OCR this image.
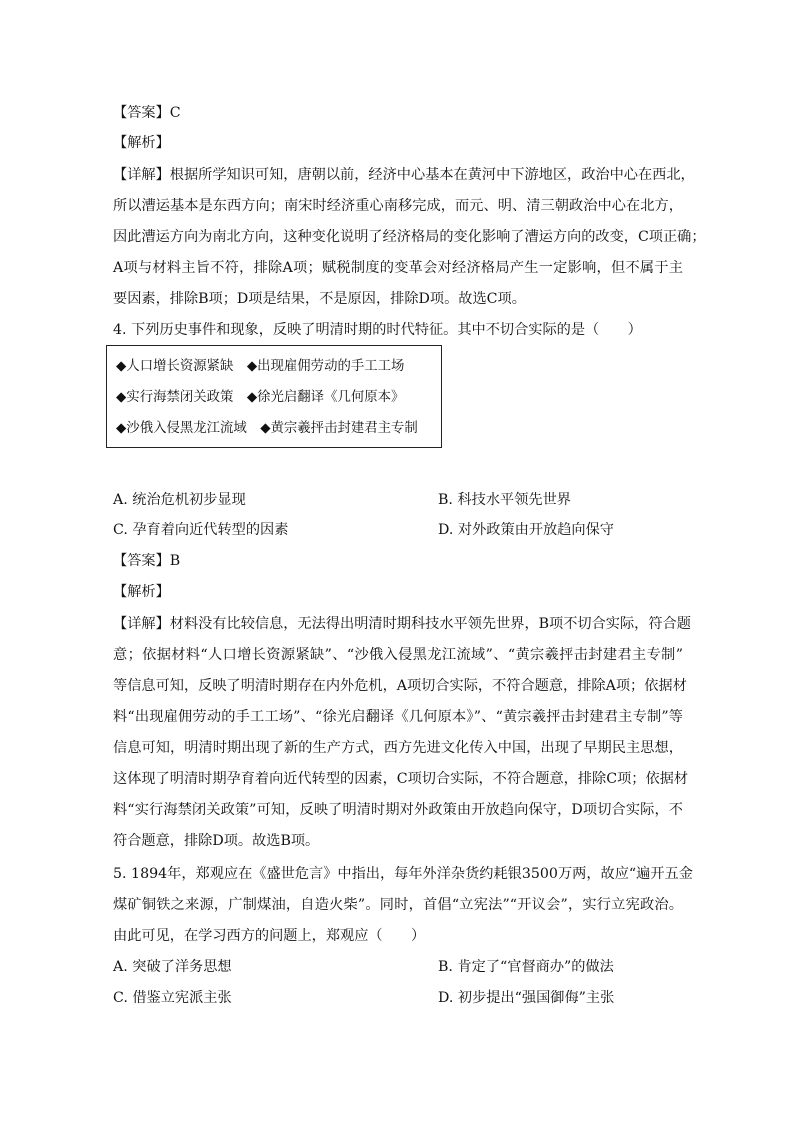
【答案】C
【解析】
【详解】根据所学知识可知，唐朝以前，经济中心基本在黄河中下游地区，政治中心在西北，
所以漕运基本是东西方向；南宋时经济重心南移完成，而元、明、清三朝政治中心在北方，
因此漕运方向为南北方向，这种变化说明了经济格局的变化影响了漕运方向的改变，C项正确；
A项与材料主旨不符，排除A项；赋税制度的变革会对经济格局产生一定影响，但不属于主
要因素，排除B项；D项是结果，不是原因，排除D项。故选C项。
4. 下列历史事件和现象，反映了明清时期的时代特征。其中不切合实际的是（　　）
A. 统治危机初步显现	B. 科技水平领先世界
C. 孕育着向近代转型的因素	D. 对外政策由开放趋向保守
【答案】B
【解析】
【详解】材料没有比较信息，无法得出明清时期科技水平领先世界，B项不切合实际，符合题
意；依据材料“人口增长资源紧缺”、“沙俄入侵黑龙江流域”、“黄宗羲抨击封建君主专制”
等信息可知，反映了明清时期存在内外危机，A项切合实际，不符合题意，排除A项；依据材
料“出现雇佣劳动的手工工场”、“徐光启翻译《几何原本》”、“黄宗羲抨击封建君主专制”等
信息可知，明清时期出现了新的生产方式，西方先进文化传入中国，出现了早期民主思想，
这体现了明清时期孕育着向近代转型的因素，C项切合实际，不符合题意，排除C项；依据材
料“实行海禁闭关政策”可知，反映了明清时期对外政策由开放趋向保守，D项切合实际，不
符合题意，排除D项。故选B项。
5. 1894年，郑观应在《盛世危言》中指出，每年外洋杂货约耗银3500万两，故应“遍开五金
煤矿铜铁之来源，广制煤油，自造火柴”。同时，首倡“立宪法”“开议会”，实行立宪政治。
由此可见，在学习西方的问题上，郑观应（　　）
A. 突破了洋务思想	B. 肯定了“官督商办”的做法
C. 借鉴立宪派主张	D. 初步提出“强国御侮”主张
◆人口增长资源紧缺　◆出现雇佣劳动的手工工场
◆实行海禁闭关政策　◆徐光启翻译《几何原本》
◆沙俄入侵黑龙江流域　◆黄宗羲抨击封建君主专制
